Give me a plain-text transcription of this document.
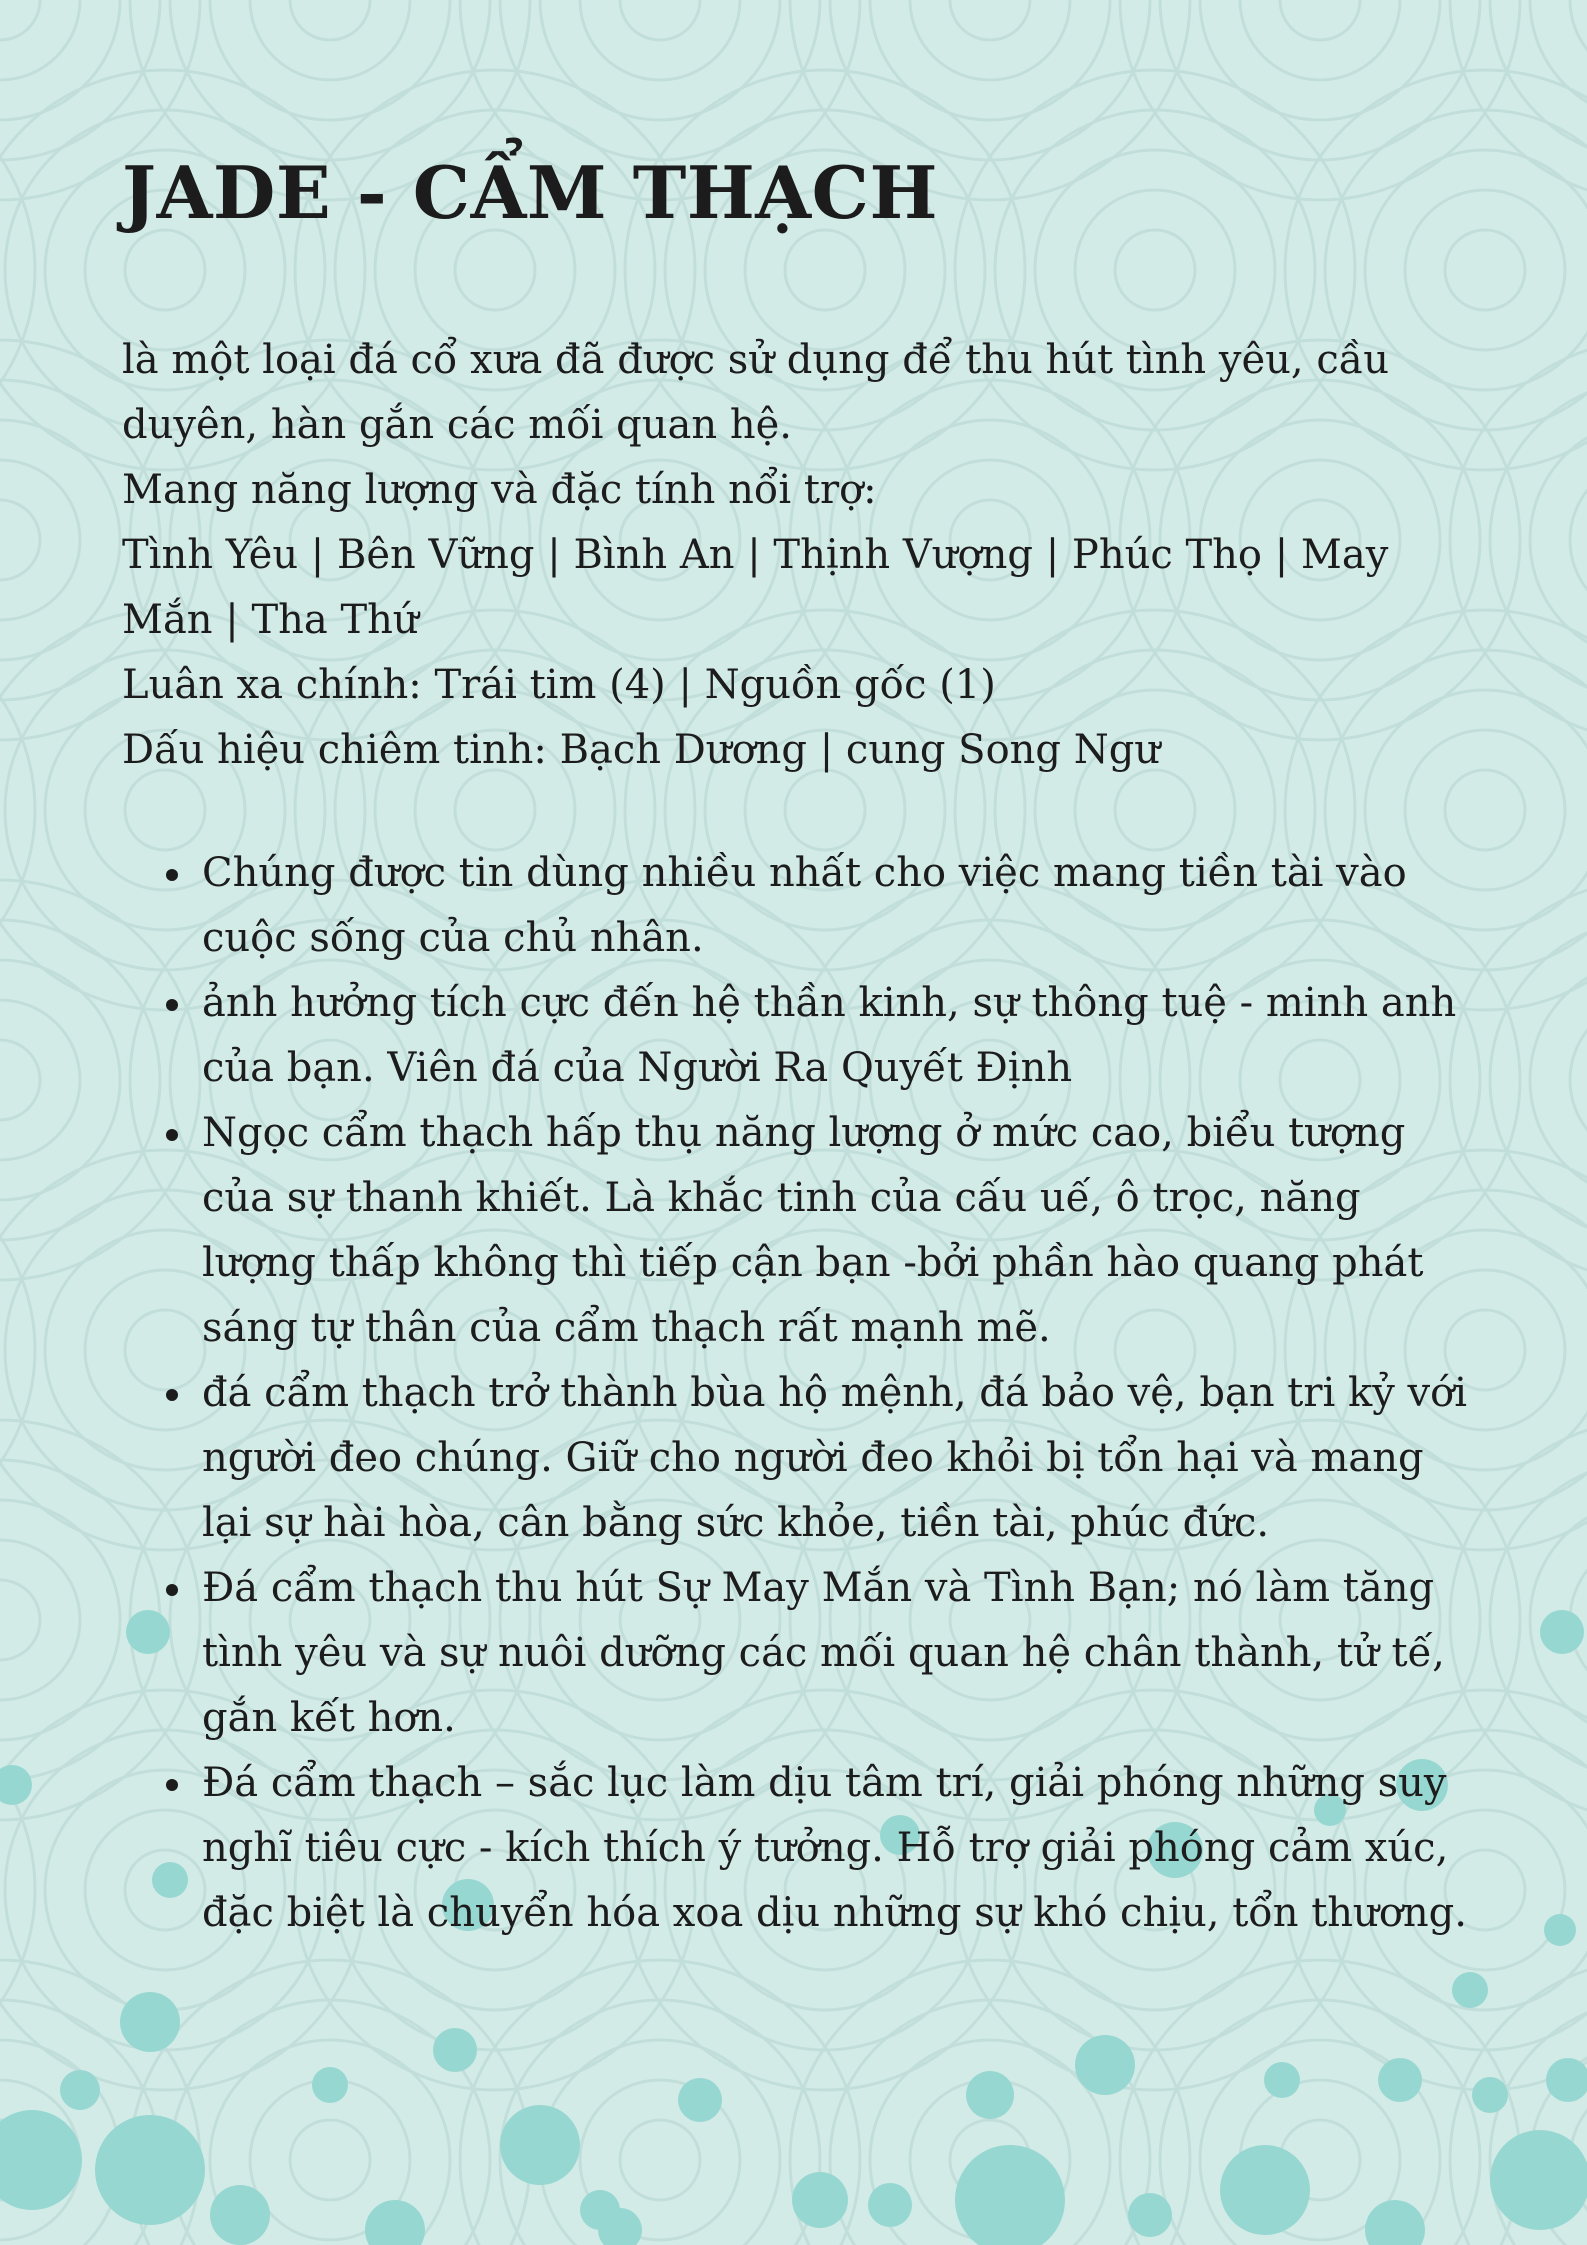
JADE - CẨM THẠCH

là một loại đá cổ xưa đã được sử dụng để thu hút tình yêu, cầu duyên, hàn gắn các mối quan hệ.

Mang năng lượng và đặc tính nổi trợ:

Tình Yêu | Bên Vững | Bình An | Thịnh Vượng | Phúc Thọ | May Mắn | Tha Thứ

Luân xa chính: Trái tim (4) | Nguồn gốc (1)

Dấu hiệu chiêm tinh: Bạch Dương | cung Song Ngư

Chúng được tin dùng nhiều nhất cho việc mang tiền tài vào cuộc sống của chủ nhân.
ảnh hưởng tích cực đến hệ thần kinh, sự thông tuệ - minh anh của bạn. Viên đá của Người Ra Quyết Định
Ngọc cẩm thạch hấp thụ năng lượng ở mức cao, biểu tượng của sự thanh khiết. Là khắc tinh của cấu uế, ô trọc, năng lượng thấp không thì tiếp cận bạn -bởi phần hào quang phát sáng tự thân của cẩm thạch rất mạnh mẽ.
đá cẩm thạch trở thành bùa hộ mệnh, đá bảo vệ, bạn tri kỷ với người đeo chúng. Giữ cho người đeo khỏi bị tổn hại và mang lại sự hài hòa, cân bằng sức khỏe, tiền tài, phúc đức.
Đá cẩm thạch thu hút Sự May Mắn và Tình Bạn; nó làm tăng tình yêu và sự nuôi dưỡng các mối quan hệ chân thành, tử tế, gắn kết hơn.
Đá cẩm thạch – sắc lục làm dịu tâm trí, giải phóng những suy nghĩ tiêu cực - kích thích ý tưởng. Hỗ trợ giải phóng cảm xúc, đặc biệt là chuyển hóa xoa dịu những sự khó chịu, tổn thương.
